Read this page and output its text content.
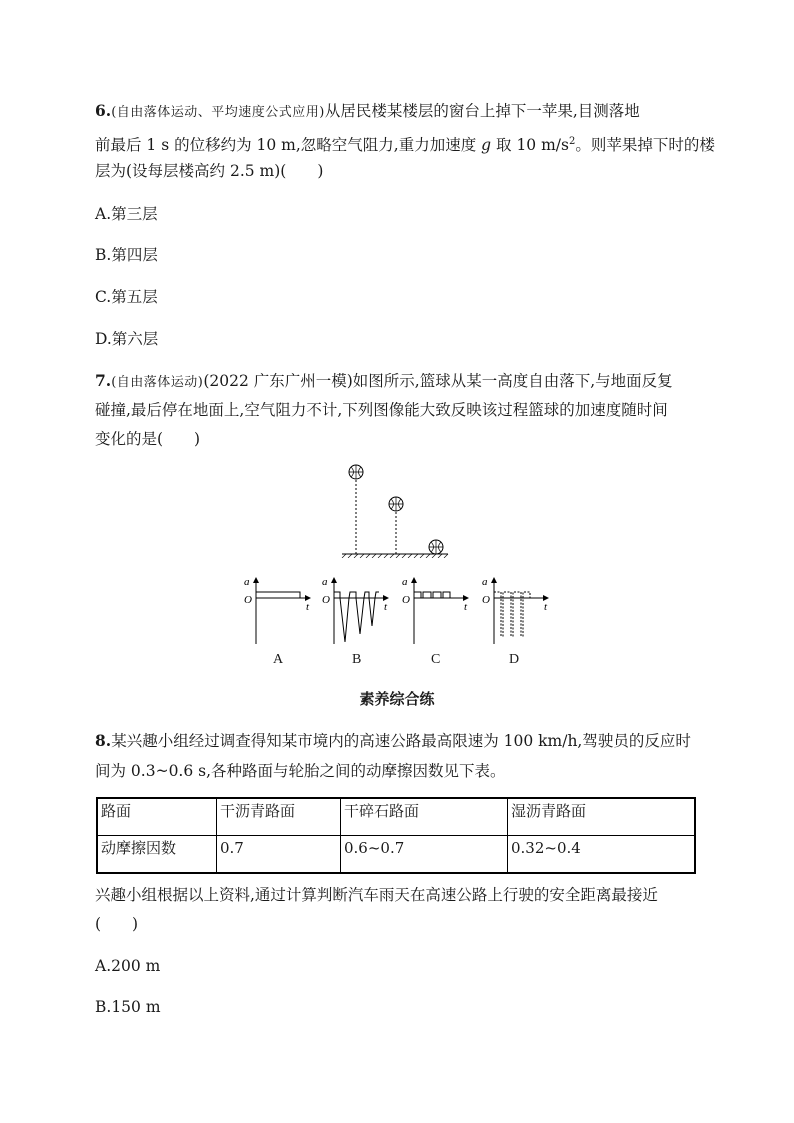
6.(自由落体运动、平均速度公式应用)从居民楼某楼层的窗台上掉下一苹果,目测落地
前最后 1 s 的位移约为 10 m,忽略空气阻力,重力加速度 g 取 10 $m/s^2$。则苹果掉下时的楼
层为(设每层楼高约 2.5 m)(　　)
A.第三层
B.第四层
C.第五层
D.第六层
7.(自由落体运动)(2022 广东广州一模)如图所示,篮球从某一高度自由落下,与地面反复
碰撞,最后停在地面上,空气阻力不计,下列图像能大致反映该过程篮球的加速度随时间
变化的是(　　)
a
O
t
a
O
t
a
O
t
a
O
t
A	B	C	D
素养综合练
8.某兴趣小组经过调查得知某市境内的高速公路最高限速为 100 km/h,驾驶员的反应时
间为 0.3~0.6 s,各种路面与轮胎之间的动摩擦因数见下表。
路面	干沥青路面	干碎石路面	湿沥青路面
动摩擦因数	0.7	0.6~0.7	0.32~0.4
兴趣小组根据以上资料,通过计算判断汽车雨天在高速公路上行驶的安全距离最接近
(　　)
A.200 m
B.150 m
